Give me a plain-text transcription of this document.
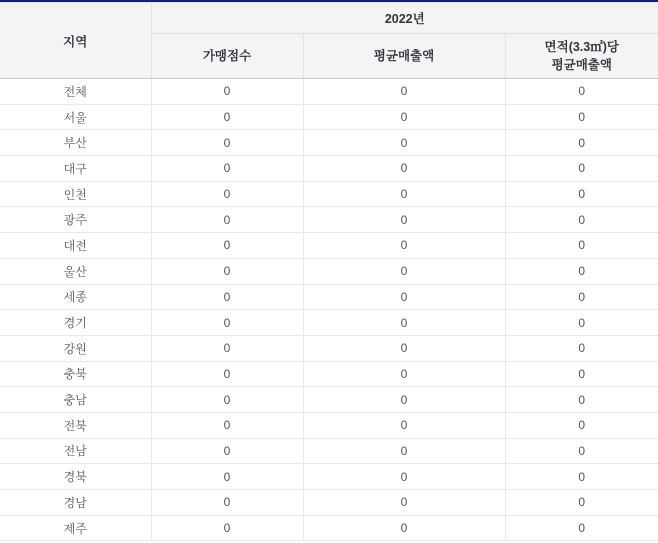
지역	2022년		
	가맹점수	평균매출액	면적(3.3㎡)당
평균매출액
전체	0	0	0
서울	0	0	0
부산	0	0	0
대구	0	0	0
인천	0	0	0
광주	0	0	0
대전	0	0	0
울산	0	0	0
세종	0	0	0
경기	0	0	0
강원	0	0	0
충북	0	0	0
충남	0	0	0
전북	0	0	0
전남	0	0	0
경북	0	0	0
경남	0	0	0
제주	0	0	0
